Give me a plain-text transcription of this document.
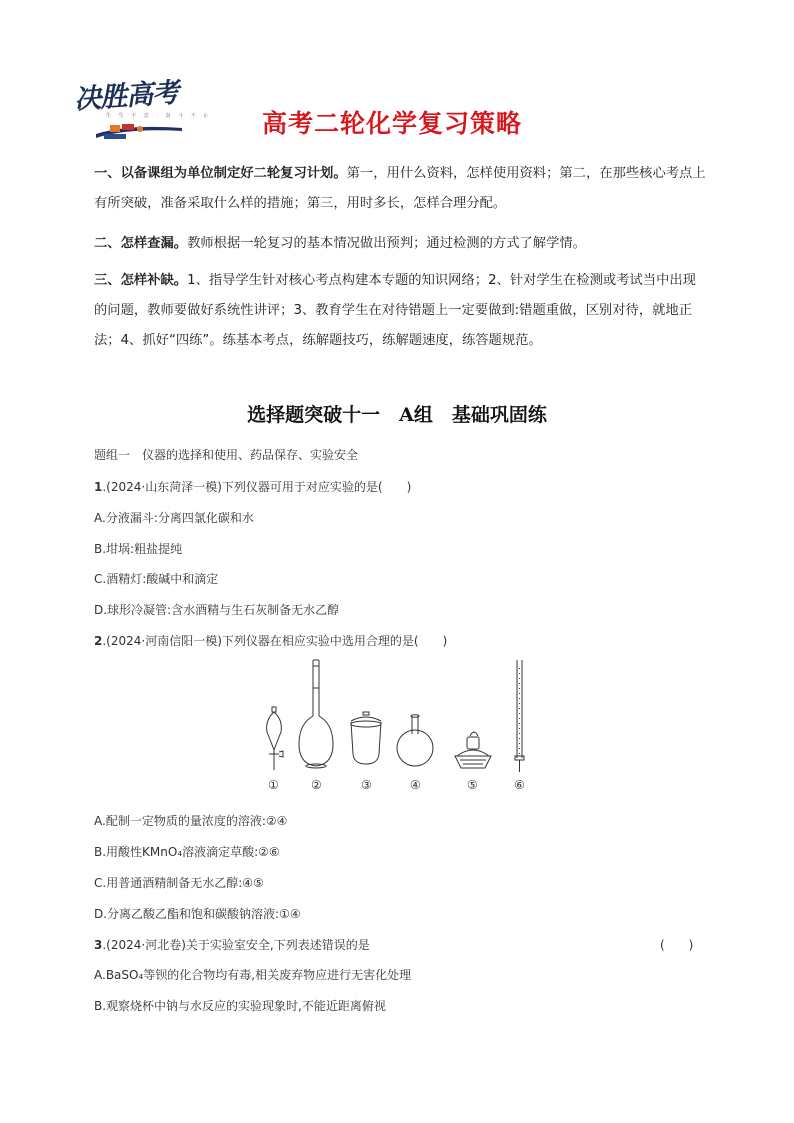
决胜高考
生 生 不 息 · 奋 斗 不 止 高考二轮化学复习策略
一、以备课组为单位制定好二轮复习计划。第一，用什么资料，怎样使用资料；第二，在那些核心考点上有所突破，准备采取什么样的措施；第三，用时多长，怎样合理分配。
二、怎样查漏。教师根据一轮复习的基本情况做出预判；通过检测的方式了解学情。
三、怎样补缺。1、指导学生针对核心考点构建本专题的知识网络；2、针对学生在检测或考试当中出现的问题，教师要做好系统性讲评；3、教育学生在对待错题上一定要做到:错题重做，区别对待，就地正法；4、抓好“四练”。练基本考点，练解题技巧，练解题速度，练答题规范。
选择题突破十一　A组　基础巩固练
题组一　仪器的选择和使用、药品保存、实验安全
1.(2024·山东菏泽一模)下列仪器可用于对应实验的是(　　)
A.分液漏斗:分离四氯化碳和水
B.坩埚:粗盐提纯
C.酒精灯:酸碱中和滴定
D.球形冷凝管:含水酒精与生石灰制备无水乙醇
2.(2024·河南信阳一模)下列仪器在相应实验中选用合理的是(　　)
①	②	③	④	⑤	⑥
A.配制一定物质的量浓度的溶液:②④
B.用酸性KMnO₄溶液滴定草酸:②⑥
C.用普通酒精制备无水乙醇:④⑤
D.分离乙酸乙酯和饱和碳酸钠溶液:①④
3.(2024·河北卷)关于实验室安全,下列表述错误的是	(　　)
A.BaSO₄等钡的化合物均有毒,相关废弃物应进行无害化处理
B.观察烧杯中钠与水反应的实验现象时,不能近距离俯视
